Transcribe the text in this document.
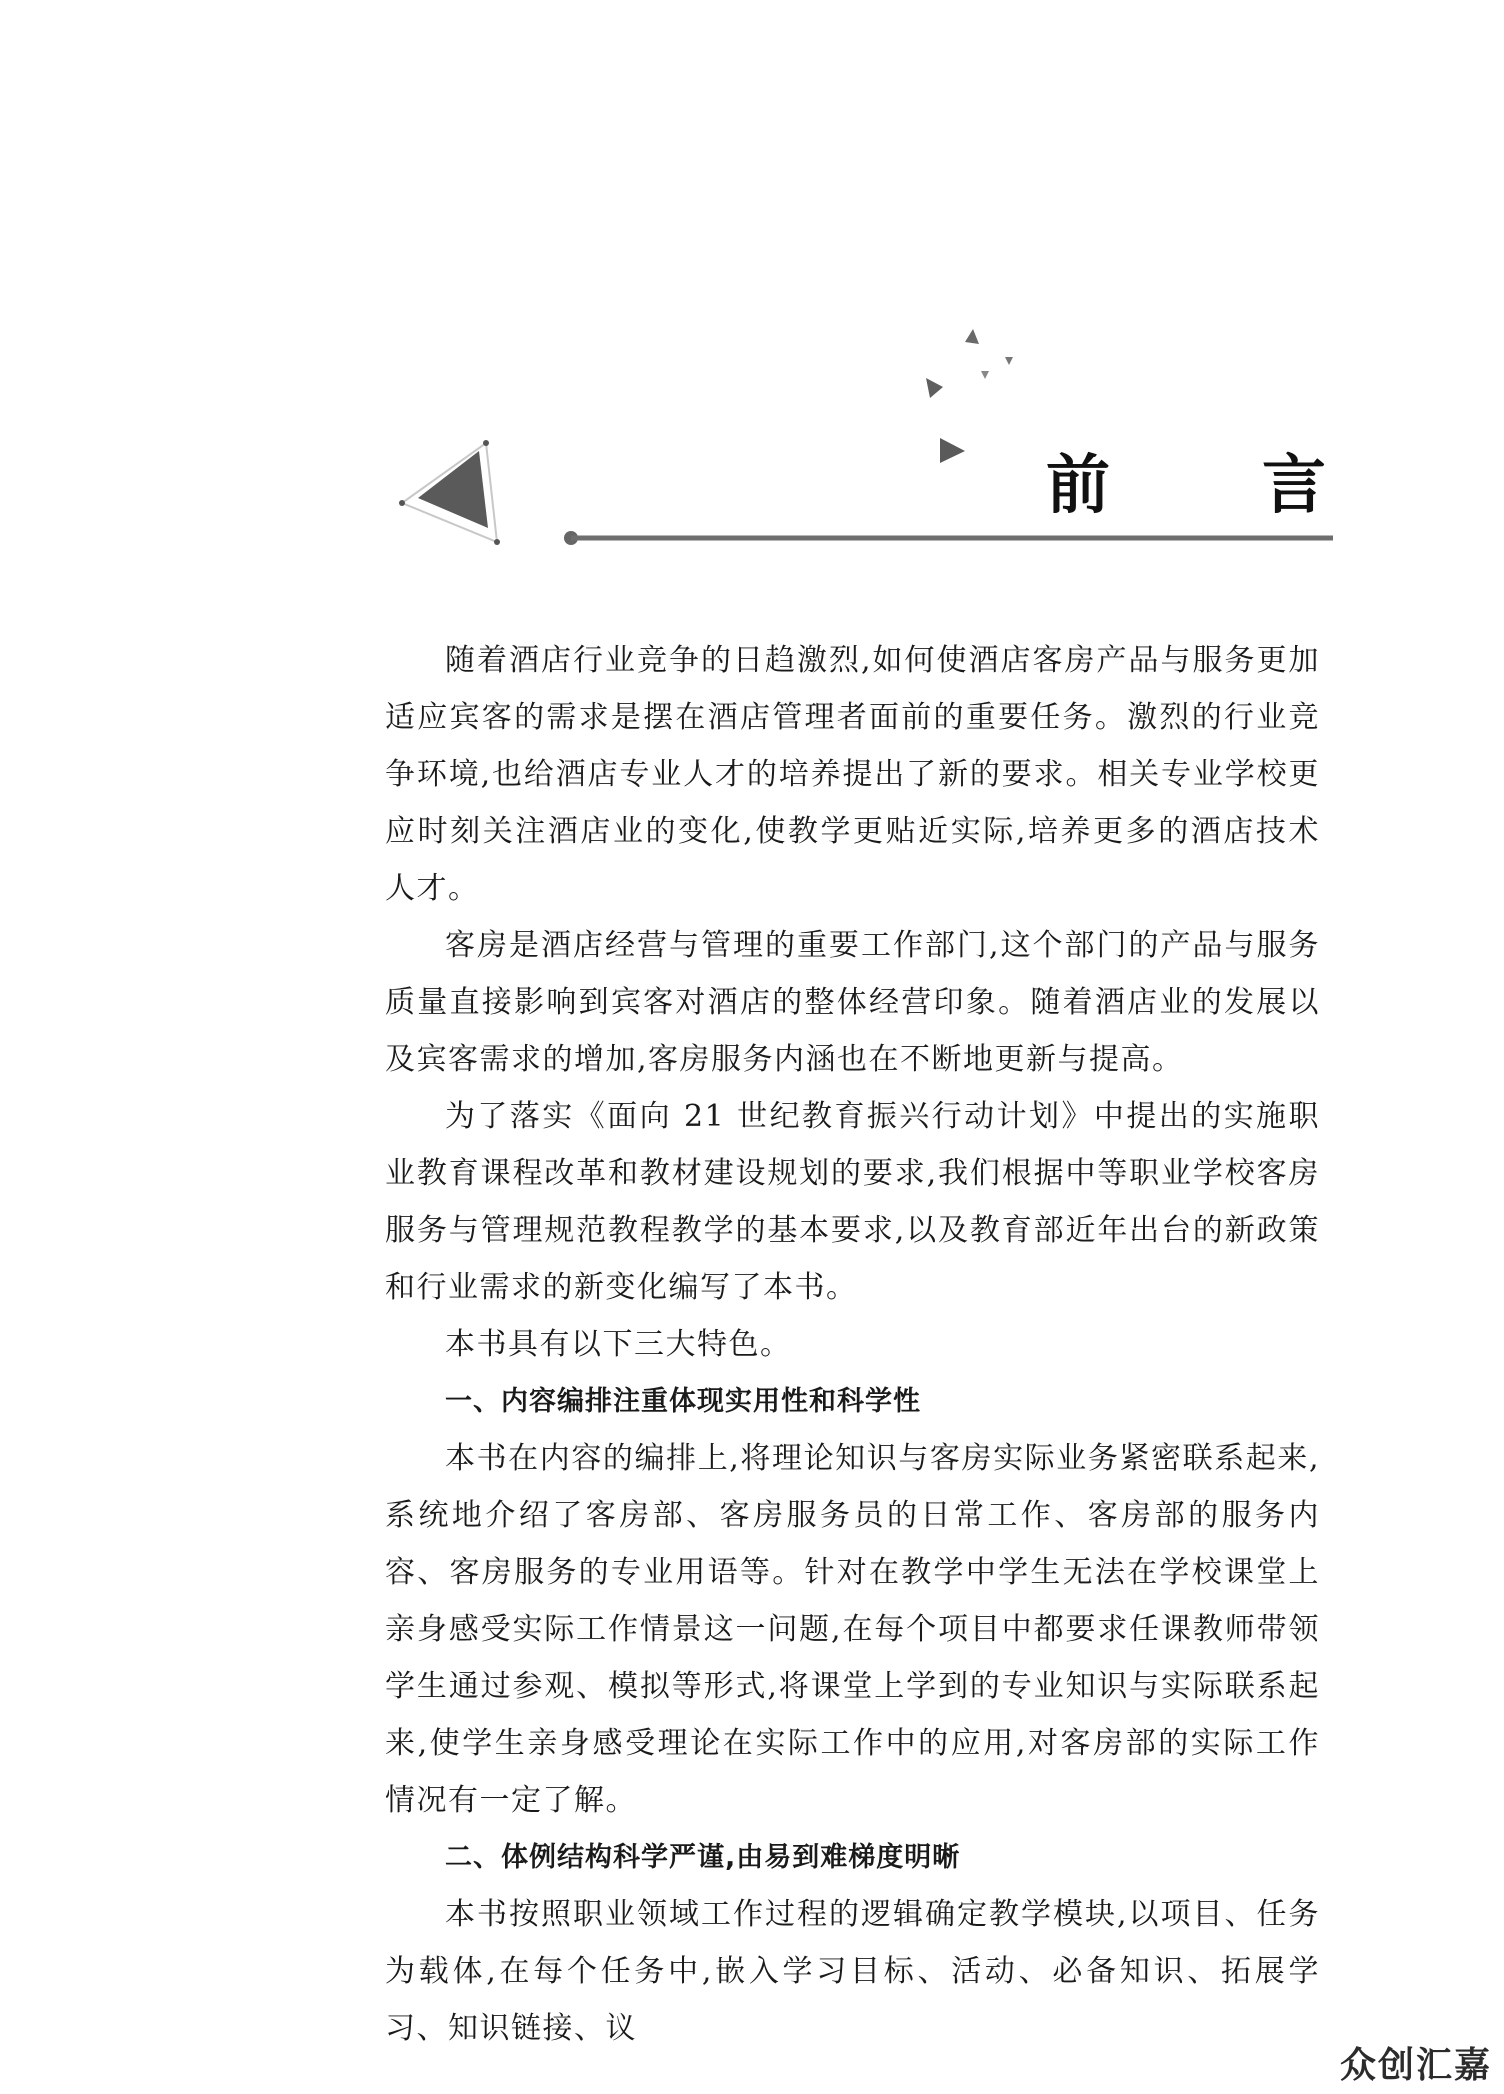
前 言

随着酒店行业竞争的日趋激烈,如何使酒店客房产品与服务更加适应宾客的需求是摆在酒店管理者面前的重要任务。激烈的行业竞争环境,也给酒店专业人才的培养提出了新的要求。相关专业学校更应时刻关注酒店业的变化,使教学更贴近实际,培养更多的酒店技术人才。

客房是酒店经营与管理的重要工作部门,这个部门的产品与服务质量直接影响到宾客对酒店的整体经营印象。随着酒店业的发展以及宾客需求的增加,客房服务内涵也在不断地更新与提高。

为了落实《面向 21 世纪教育振兴行动计划》中提出的实施职业教育课程改革和教材建设规划的要求,我们根据中等职业学校客房服务与管理规范教程教学的基本要求,以及教育部近年出台的新政策和行业需求的新变化编写了本书。

本书具有以下三大特色。

一、内容编排注重体现实用性和科学性

本书在内容的编排上,将理论知识与客房实际业务紧密联系起来,系统地介绍了客房部、客房服务员的日常工作、客房部的服务内容、客房服务的专业用语等。针对在教学中学生无法在学校课堂上亲身感受实际工作情景这一问题,在每个项目中都要求任课教师带领学生通过参观、模拟等形式,将课堂上学到的专业知识与实际联系起来,使学生亲身感受理论在实际工作中的应用,对客房部的实际工作情况有一定了解。

二、体例结构科学严谨,由易到难梯度明晰

本书按照职业领域工作过程的逻辑确定教学模块,以项目、任务为载体,在每个任务中,嵌入学习目标、活动、必备知识、拓展学习、知识链接、议

众创汇嘉
